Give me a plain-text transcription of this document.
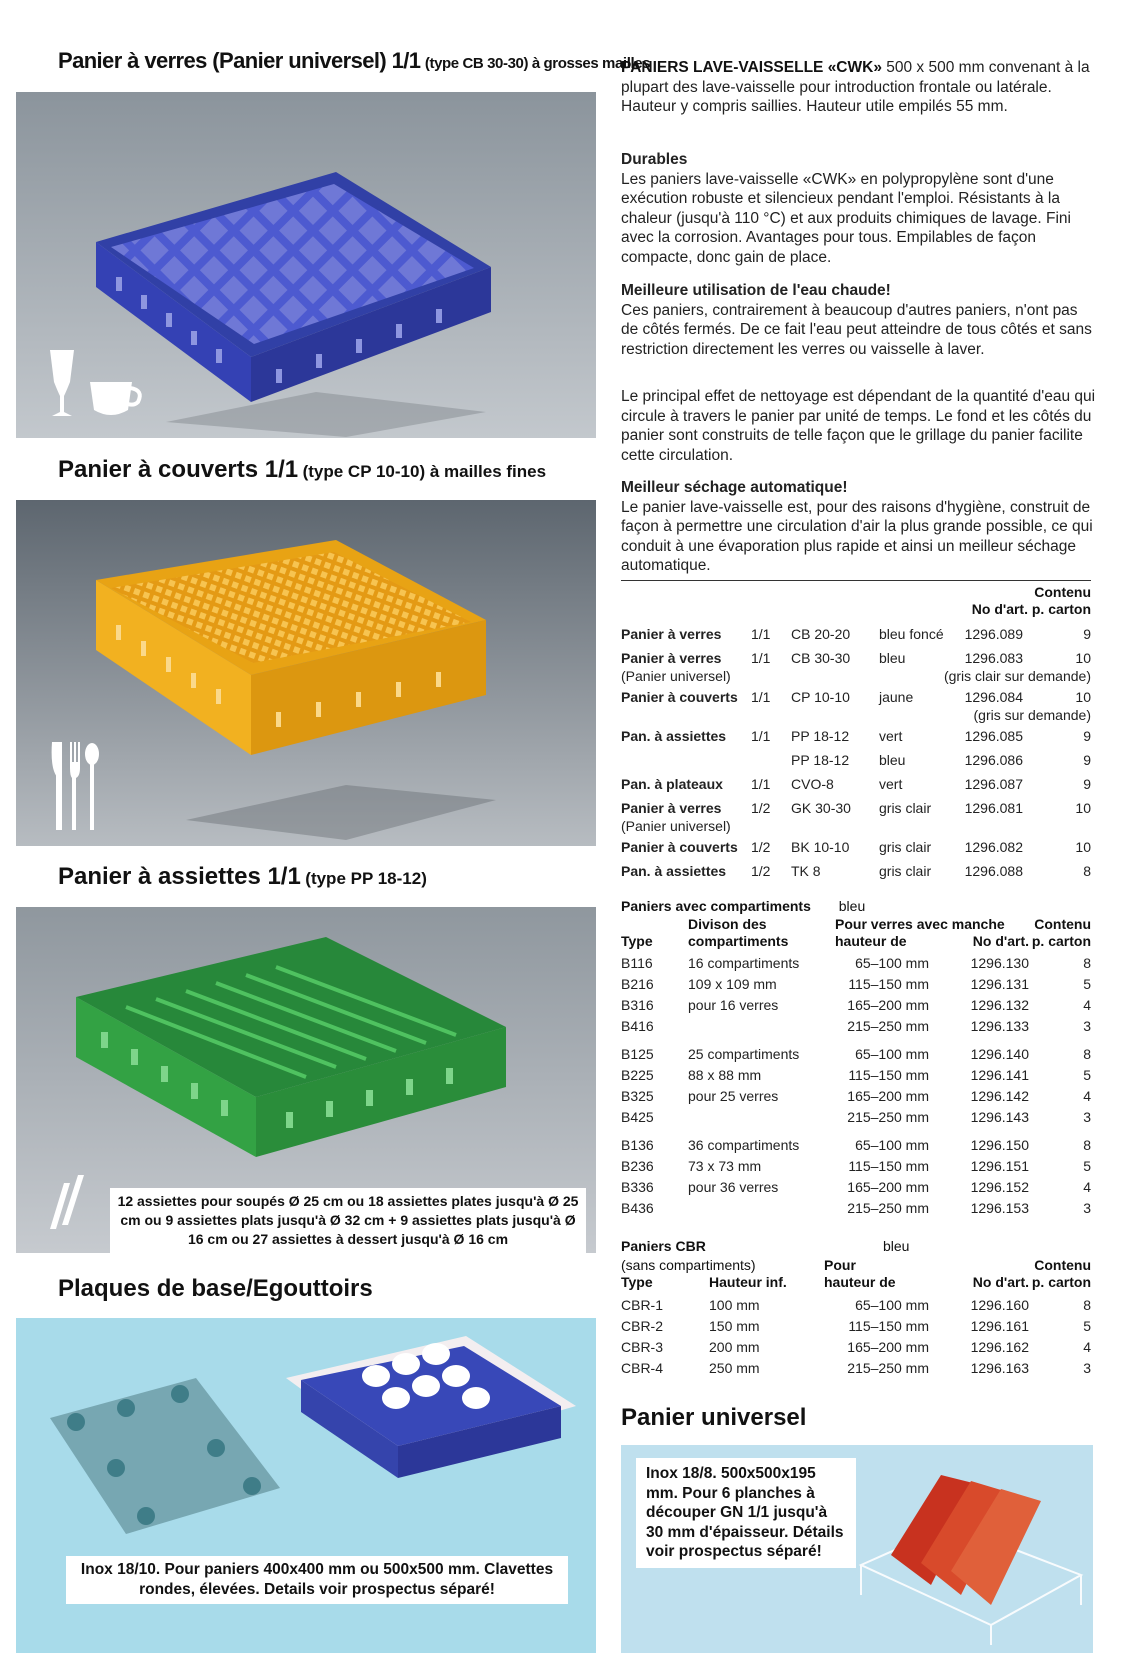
Panier à verres (Panier universel) 1/1 (type CB 30-30) à grosses mailles
Panier à couverts 1/1 (type CP 10-10) à mailles fines
Panier à assiettes 1/1 (type PP 18-12)
12 assiettes pour soupés Ø 25 cm ou 18 assiettes plates jusqu'à Ø 25 cm ou 9 assiettes plats jusqu'à Ø 32 cm + 9 assiettes plats jusqu'à Ø 16 cm ou 27 assiettes à dessert jusqu'à Ø 16 cm
Plaques de base/Egouttoirs
Inox 18/10. Pour paniers 400x400 mm ou 500x500 mm. Clavettes rondes, élevées. Details voir prospectus séparé!
PANIERS LAVE-VAISSELLE «CWK» 500 x 500 mm convenant à la plupart des lave-vaisselle pour introduction frontale ou latérale.
Hauteur y compris saillies. Hauteur utile empilés 55 mm.
Durables
Les paniers lave-vaisselle «CWK» en polypropylène sont d'une exécution robuste et silencieux pendant l'emploi. Résistants à la chaleur (jusqu'à 110 °C) et aux produits chimiques de lavage. Fini avec la corrosion. Avantages pour tous. Empilables de façon compacte, donc gain de place.
Meilleure utilisation de l'eau chaude!
Ces paniers, contrairement à beaucoup d'autres paniers, n'ont pas de côtés fermés. De ce fait l'eau peut atteindre de tous côtés et sans restriction directement les verres ou vaisselle à laver.
Le principal effet de nettoyage est dépendant de la quantité d'eau qui circule à travers le panier par unité de temps. Le fond et les côtés du panier sont construits de telle façon que le grillage du panier facilite cette circulation.
Meilleur séchage automatique!
Le panier lave-vaisselle est, pour des raisons d'hygiène, construit de façon à permettre une circulation d'air la plus grande possible, ce qui conduit à une évaporation plus rapide et ainsi un meilleur séchage automatique.
Contenu
No d'art. p. carton
Panier à verres	1/1	CB 20-20	bleu foncé	1296.089	9

Panier à verres	1/1	CB 30-30	bleu	1296.083	10
(Panier universel)			(gris clair sur demande)		

Panier à couverts	1/1	CP 10-10	jaune	1296.084	10
			(gris sur demande)		

Pan. à assiettes	1/1	PP 18-12	vert	1296.085	9

		PP 18-12	bleu	1296.086	9

Pan. à plateaux	1/1	CVO-8	vert	1296.087	9

Panier à verres	1/2	GK 30-30	gris clair	1296.081	10
(Panier universel)					

Panier à couverts	1/2	BK 10-10	gris clair	1296.082	10

Pan. à assiettes	1/2	TK 8	gris clair	1296.088	8

Paniers avec compartiments bleu
Type
Divison des
compartiments
Pour verres avec manche
hauteur de	No d'art.
Contenu
p. carton
B116	16 compartiments	65–100 mm	1296.130	8
B216	109 x 109 mm	115–150 mm	1296.131	5
B316	pour 16 verres	165–200 mm	1296.132	4
B416		215–250 mm	1296.133	3

B125	25 compartiments	65–100 mm	1296.140	8
B225	88 x 88 mm	115–150 mm	1296.141	5
B325	pour 25 verres	165–200 mm	1296.142	4
B425		215–250 mm	1296.143	3

B136	36 compartiments	65–100 mm	1296.150	8
B236	73 x 73 mm	115–150 mm	1296.151	5
B336	pour 36 verres	165–200 mm	1296.152	4
B436		215–250 mm	1296.153	3
Paniers CBR	bleu
(sans compartiments)	Pour	Contenu
Type	Hauteur inf.	hauteur de	No d'art. p. carton
CBR-1	100 mm	65–100 mm	1296.160	8
CBR-2	150 mm	115–150 mm	1296.161	5
CBR-3	200 mm	165–200 mm	1296.162	4
CBR-4	250 mm	215–250 mm	1296.163	3
Panier universel
Inox 18/8. 500x500x195 mm. Pour 6 planches à découper GN 1/1 jusqu'à 30 mm d'épaisseur. Détails voir prospectus séparé!
